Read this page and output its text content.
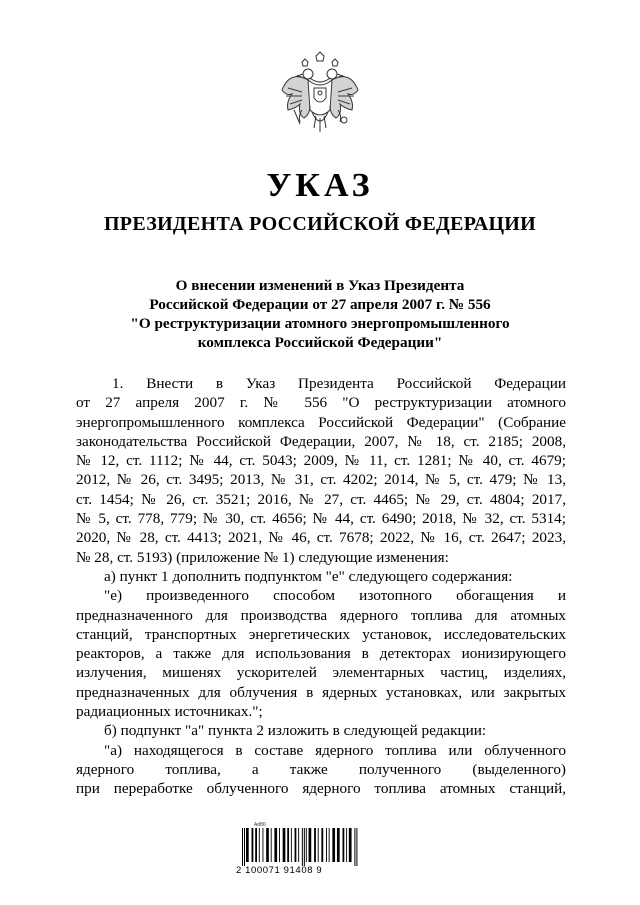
УКАЗ
ПРЕЗИДЕНТА РОССИЙСКОЙ ФЕДЕРАЦИИ
О внесении изменений в Указ Президента
Российской Федерации от 27 апреля 2007 г. № 556
"О реструктуризации атомного энергопромышленного
комплекса Российской Федерации"
1. Внести в Указ Президента Российской Федерации
от 27 апреля 2007 г. № 556 "О реструктуризации атомного
энергопромышленного комплекса Российской Федерации" (Собрание
законодательства Российской Федерации, 2007, № 18, ст. 2185; 2008,
№ 12, ст. 1112; № 44, ст. 5043; 2009, № 11, ст. 1281; № 40, ст. 4679;
2012, № 26, ст. 3495; 2013, № 31, ст. 4202; 2014, № 5, ст. 479; № 13,
ст. 1454; № 26, ст. 3521; 2016, № 27, ст. 4465; № 29, ст. 4804; 2017,
№ 5, ст. 778, 779; № 30, ст. 4656; № 44, ст. 6490; 2018, № 32, ст. 5314;
2020, № 28, ст. 4413; 2021, № 46, ст. 7678; 2022, № 16, ст. 2647; 2023,
№ 28, ст. 5193) (приложение № 1) следующие изменения:
а) пункт 1 дополнить подпунктом "е" следующего содержания:
"е) произведенного способом изотопного обогащения и
предназначенного для производства ядерного топлива для атомных
станций, транспортных энергетических установок, исследовательских
реакторов, а также для использования в детекторах ионизирующего
излучения, мишенях ускорителей элементарных частиц, изделиях,
предназначенных для облучения в ядерных установках, или закрытых
радиационных источниках.";
б) подпункт "а" пункта 2 изложить в следующей редакции:
"а) находящегося в составе ядерного топлива или облученного
ядерного топлива, а также полученного (выделенного)
при переработке облученного ядерного топлива атомных станций,
Ad80
2 100071 91408 9
